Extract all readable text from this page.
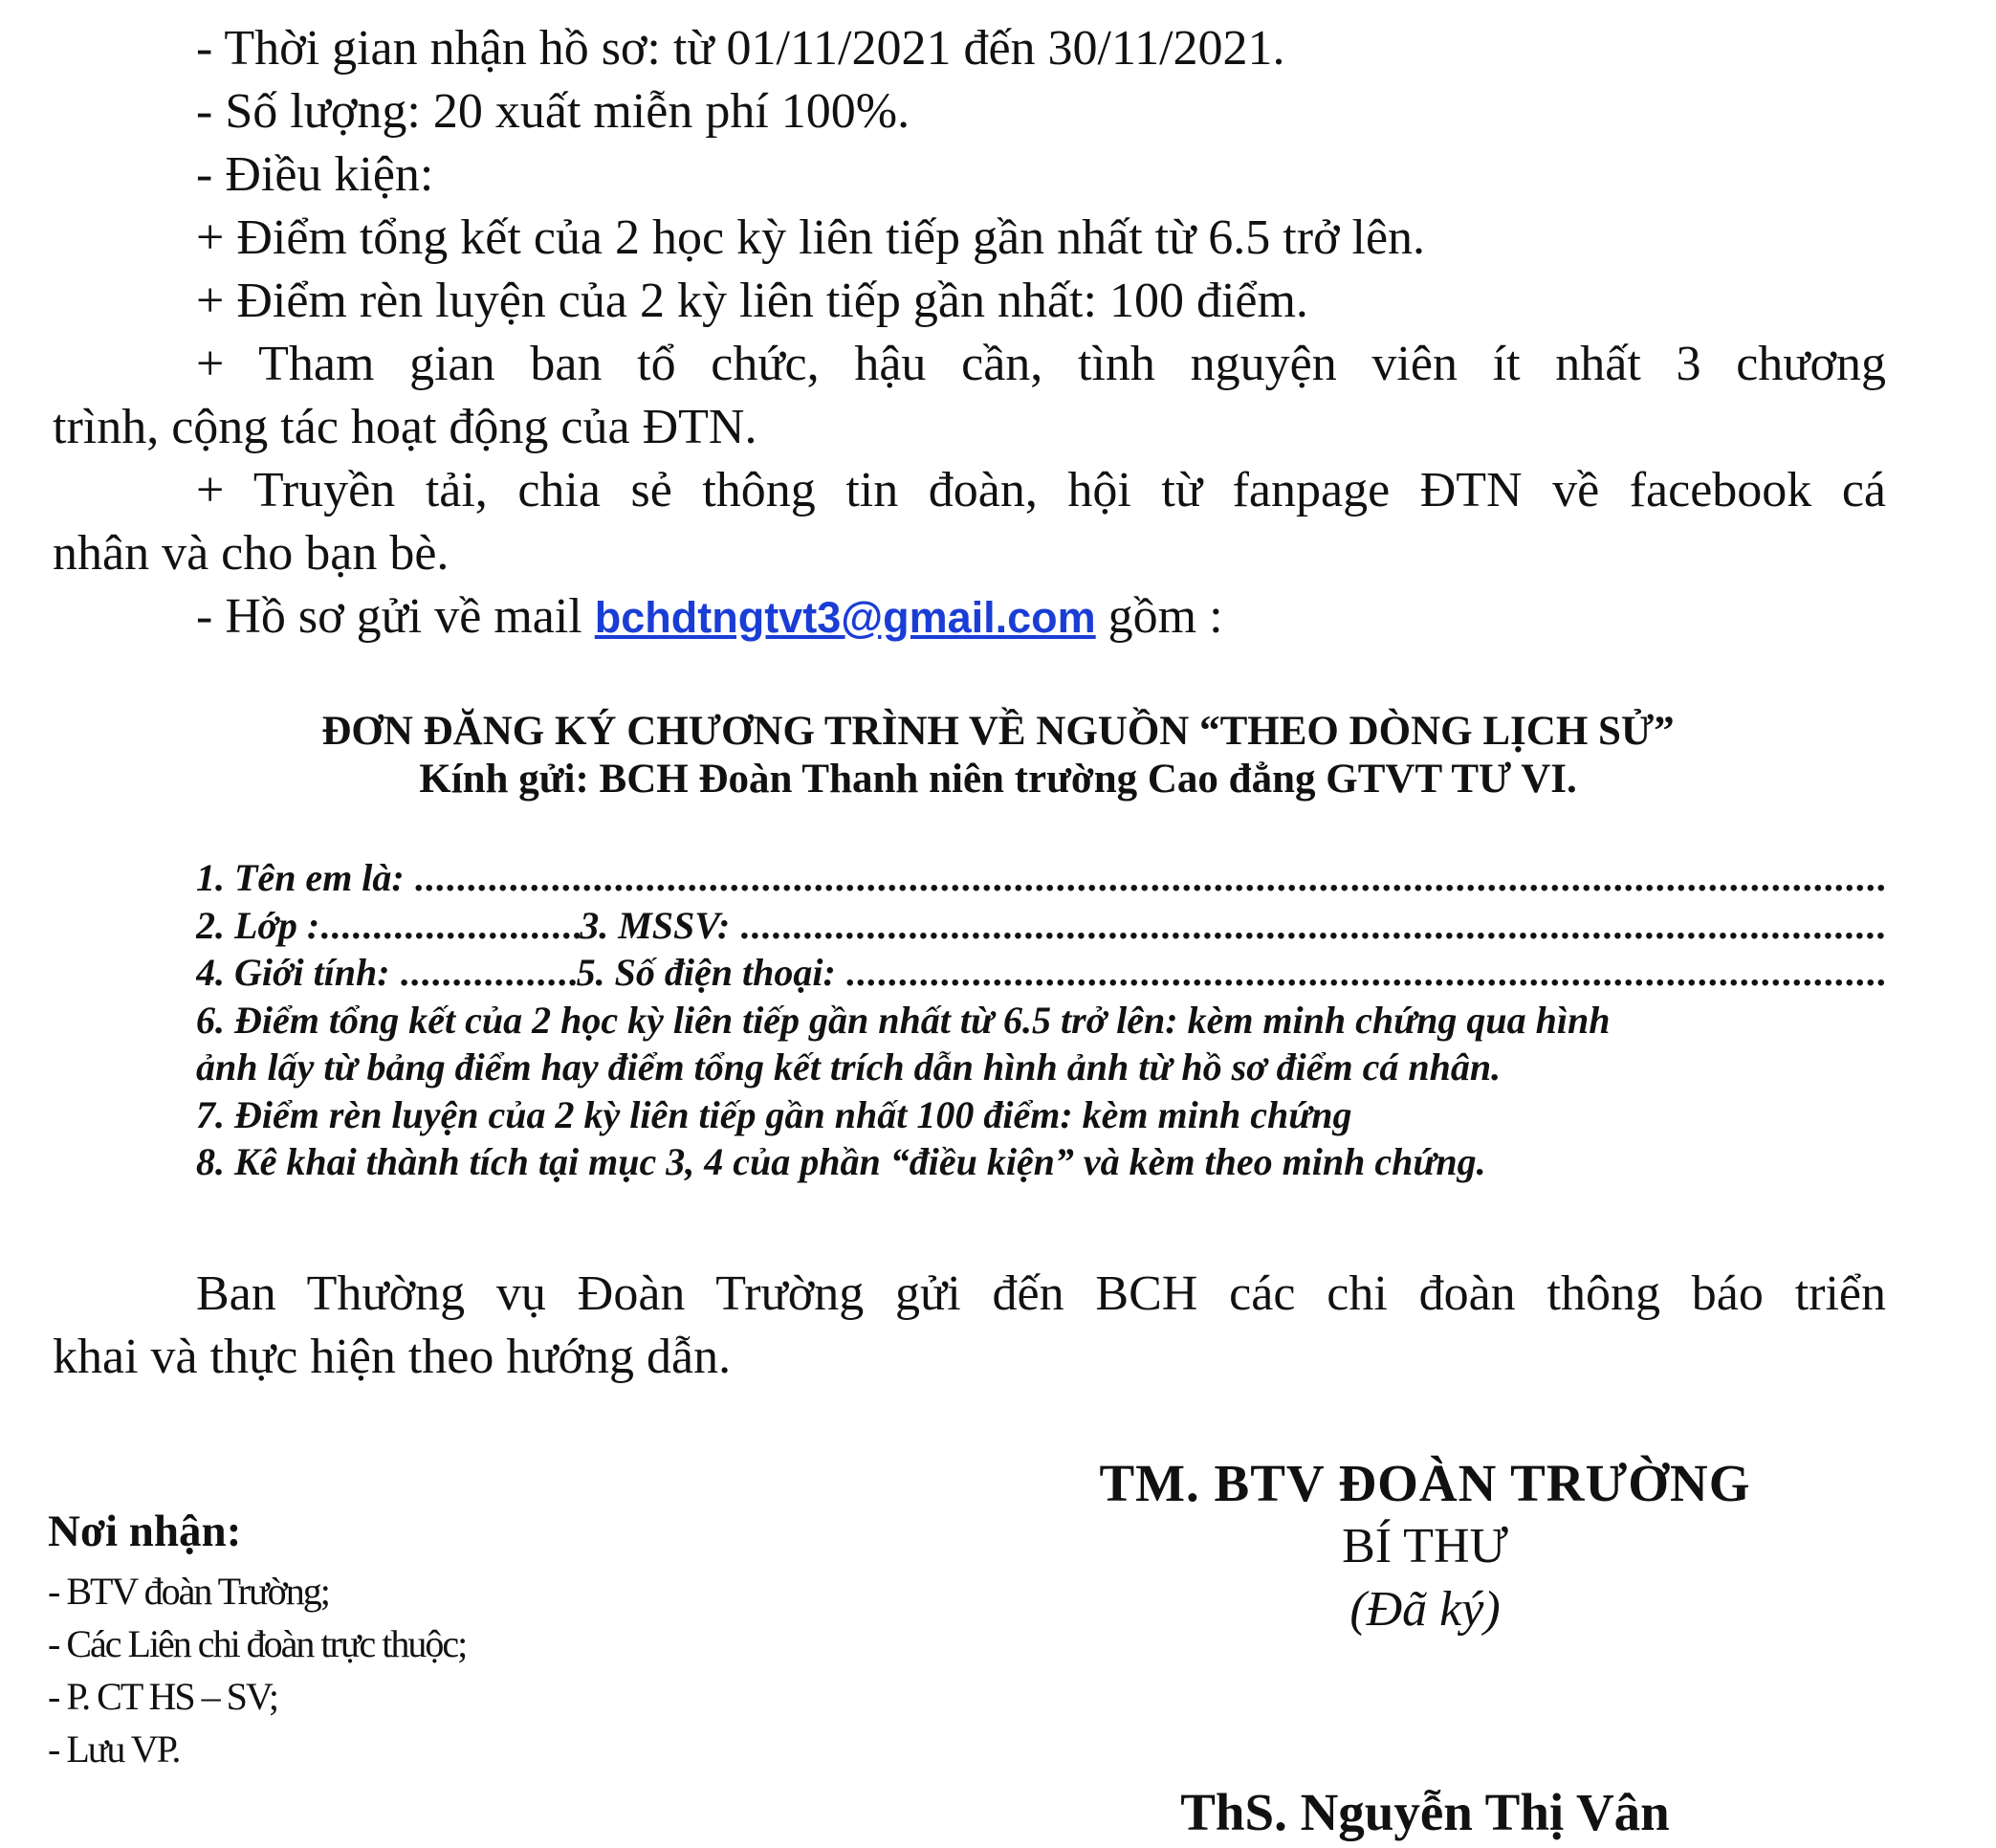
- Thời gian nhận hồ sơ: từ 01/11/2021 đến 30/11/2021.

- Số lượng: 20 xuất miễn phí 100%.

- Điều kiện:

+ Điểm tổng kết của 2 học kỳ liên tiếp gần nhất từ 6.5 trở lên.

+ Điểm rèn luyện của 2 kỳ liên tiếp gần nhất: 100 điểm.

+ Tham gian ban tổ chức, hậu cần, tình nguyện viên ít nhất 3 chương

trình, cộng tác hoạt động của ĐTN.

+ Truyền tải, chia sẻ thông tin đoàn, hội từ fanpage ĐTN về facebook cá

nhân và cho bạn bè.

- Hồ sơ gửi về mail bchdtngtvt3@gmail.com gồm :

ĐƠN ĐĂNG KÝ CHƯƠNG TRÌNH VỀ NGUỒN “THEO DÒNG LỊCH SỬ”
Kính gửi: BCH Đoàn Thanh niên trường Cao đẳng GTVT TƯ VI.
1. Tên em là:

.....
2. Lớp : .....	3. MSSV:

.....
4. Giới tính:
.....	5. Số điện thoại:

.....
6. Điểm tổng kết của 2 học kỳ liên tiếp gần nhất từ 6.5 trở lên: kèm minh chứng qua hình
ảnh lấy từ bảng điểm hay điểm tổng kết trích dẫn hình ảnh từ hồ sơ điểm cá nhân.
7. Điểm rèn luyện của 2 kỳ liên tiếp gần nhất 100 điểm: kèm minh chứng
8. Kê khai thành tích tại mục 3, 4 của phần “điều kiện” và kèm theo minh chứng.

Ban Thường vụ Đoàn Trường gửi đến BCH các chi đoàn thông báo triển

khai và thực hiện theo hướng dẫn.

Nơi nhận:

- BTV đoàn Trường;

- Các Liên chi đoàn trực thuộc;

- P. CT HS – SV;

- Lưu VP.

TM. BTV ĐOÀN TRƯỜNG
BÍ THƯ
(Đã ký)
ThS. Nguyễn Thị Vân
